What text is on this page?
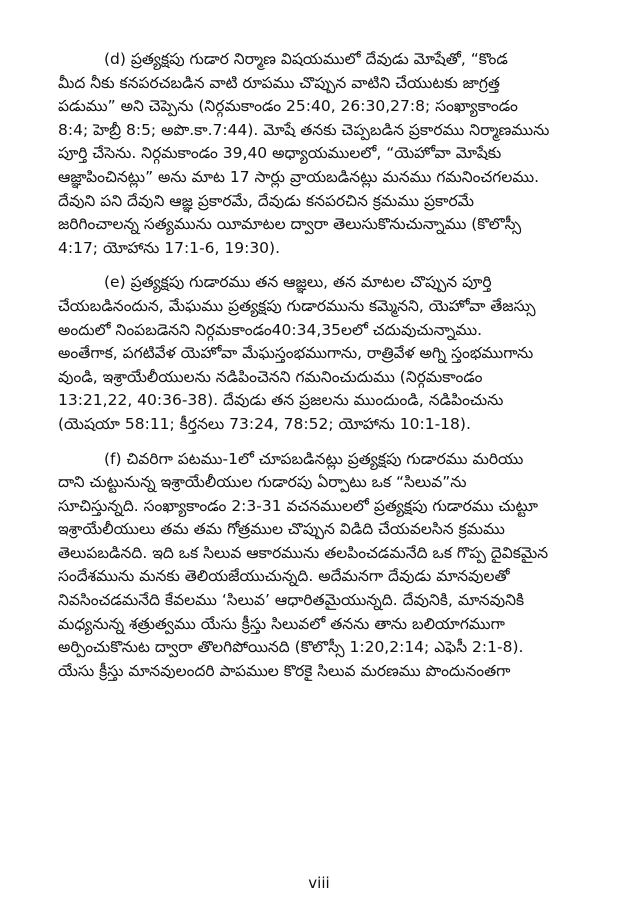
(d) ప్రత్యక్షపు గుడార నిర్మాణ విషయములో దేవుడు మోషేతో, “కొండ
మీద నీకు కనపరచబడిన వాటి రూపము చొప్పున వాటిని చేయుటకు జాగ్రత్త
పడుము” అని చెప్పెను (నిర్గమకాండం 25:40, 26:30,27:8; సంఖ్యాకాండం
8:4; హెబ్రీ 8:5; అపొ.కా.7:44). మోషే తనకు చెప్పబడిన ప్రకారము నిర్మాణమును
పూర్తి చేసెను. నిర్గమకాండం 39,40 అధ్యాయములలో, “యెహోవా మోషేకు
ఆజ్ఞాపించినట్లు” అను మాట 17 సార్లు వ్రాయబడినట్లు మనము గమనించగలము.
దేవుని పని దేవుని ఆజ్ఞ ప్రకారమే, దేవుడు కనపరచిన క్రమము ప్రకారమే
జరిగించాలన్న సత్యమును యీమాటల ద్వారా తెలుసుకొనుచున్నాము (కొలొస్సీ
4:17; యోహాను 17:1-6, 19:30).

(e) ప్రత్యక్షపు గుడారము తన ఆజ్ఞలు, తన మాటల చొప్పున పూర్తి
చేయబడినందున, మేఘము ప్రత్యక్షపు గుడారమును కమ్మెనని, యెహోవా తేజస్సు
అందులో నింపబడెనని నిర్గమకాండం40:34,35లలో చదువుచున్నాము.
అంతేగాక, పగటివేళ యెహోవా మేఘస్తంభముగాను, రాత్రివేళ అగ్ని స్తంభముగాను
వుండి, ఇశ్రాయేలీయులను నడిపించెనని గమనించుదుము (నిర్గమకాండం
13:21,22, 40:36-38). దేవుడు తన ప్రజలను ముందుండి, నడిపించును
(యెషయా 58:11; కీర్తనలు 73:24, 78:52; యోహాను 10:1-18).

(f) చివరిగా పటము-1లో చూపబడినట్లు ప్రత్యక్షపు గుడారము మరియు
దాని చుట్టునున్న ఇశ్రాయేలీయుల గుడారపు ఏర్పాటు ఒక “సిలువ”ను
సూచిస్తున్నది. సంఖ్యాకాండం 2:3-31 వచనములలో ప్రత్యక్షపు గుడారము చుట్టూ
ఇశ్రాయేలీయులు తమ తమ గోత్రముల చొప్పున విడిది చేయవలసిన క్రమము
తెలుపబడినది. ఇది ఒక సిలువ ఆకారమును తలపించడమనేది ఒక గొప్ప దైవికమైన
సందేశమును మనకు తెలియజేయుచున్నది. అదేమనగా దేవుడు మానవులతో
నివసించడమనేది కేవలము ‘సిలువ’ ఆధారితమైయున్నది. దేవునికి, మానవునికి
మధ్యనున్న శత్రుత్వము యేసు క్రీస్తు సిలువలో తనను తాను బలియాగముగా
అర్పించుకొనుట ద్వారా తొలగిపోయినది (కొలొస్సీ 1:20,2:14; ఎఫెసీ 2:1-8).
యేసు క్రీస్తు మానవులందరి పాపముల కొరకై సిలువ మరణము పొందునంతగా

viii
